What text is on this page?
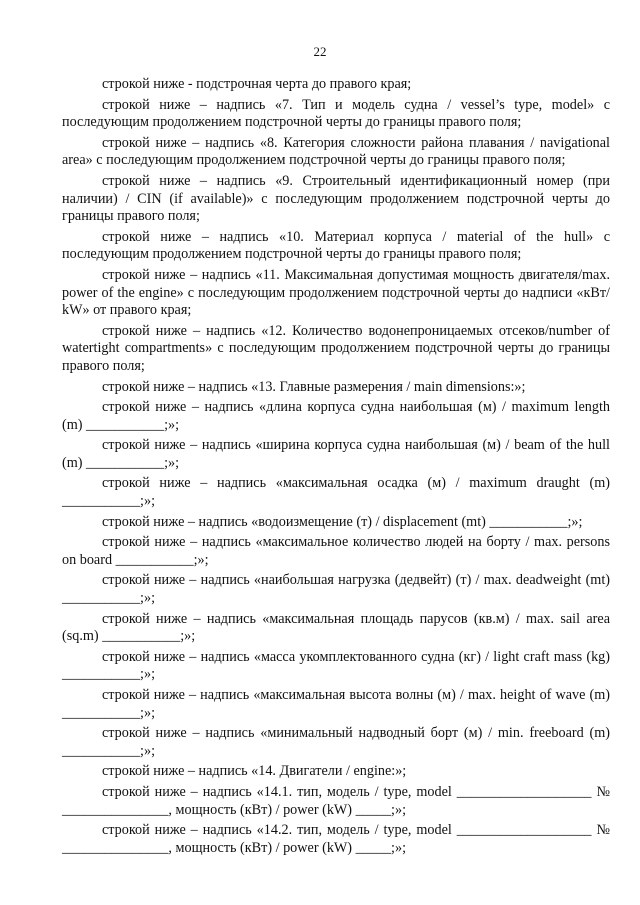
22

строкой ниже - подстрочная черта до правого края;

строкой ниже – надпись «7. Тип и модель судна / vessel’s type, model» с последующим продолжением подстрочной черты до границы правого поля;

строкой ниже – надпись «8. Категория сложности района плавания / navigational area» с последующим продолжением подстрочной черты до границы правого поля;

строкой ниже – надпись «9. Строительный идентификационный номер (при наличии) / CIN (if available)» с последующим продолжением подстрочной черты до границы правого поля;

строкой ниже – надпись «10. Материал корпуса / material of the hull» с последующим продолжением подстрочной черты до границы правого поля;

строкой ниже – надпись «11. Максимальная допустимая мощность двигателя/max. power of the engine» с последующим продолжением подстрочной черты до надписи «кВт/ kW» от правого края;

строкой ниже – надпись «12. Количество водонепроницаемых отсеков/number of watertight compartments» с последующим продолжением подстрочной черты до границы правого поля;

строкой ниже – надпись «13. Главные размерения / main dimensions:»;

строкой ниже – надпись «длина корпуса судна наибольшая (м) / maximum length (m) ___________;»;

строкой ниже – надпись «ширина корпуса судна наибольшая (м) / beam of the hull (m) ___________;»;

строкой ниже – надпись «максимальная осадка (м) / maximum draught (m) ___________;»;

строкой ниже – надпись «водоизмещение (т) / displacement (mt) ___________;»;

строкой ниже – надпись «максимальное количество людей на борту / max. persons on board ___________;»;

строкой ниже – надпись «наибольшая нагрузка (дедвейт) (т) / max. deadweight (mt) ___________;»;

строкой ниже – надпись «максимальная площадь парусов (кв.м) / max. sail area (sq.m) ___________;»;

строкой ниже – надпись «масса укомплектованного судна (кг) / light craft mass (kg) ___________;»;

строкой ниже – надпись «максимальная высота волны (м) / max. height of wave (m) ___________;»;

строкой ниже – надпись «минимальный надводный борт (м) / min. freeboard (m) ___________;»;

строкой ниже – надпись «14. Двигатели / engine:»;

строкой ниже – надпись «14.1. тип, модель / type, model ___________________ № _______________, мощность (кВт) / power (kW) _____;»;

строкой ниже – надпись «14.2. тип, модель / type, model ___________________ № _______________, мощность (кВт) / power (kW) _____;»;
